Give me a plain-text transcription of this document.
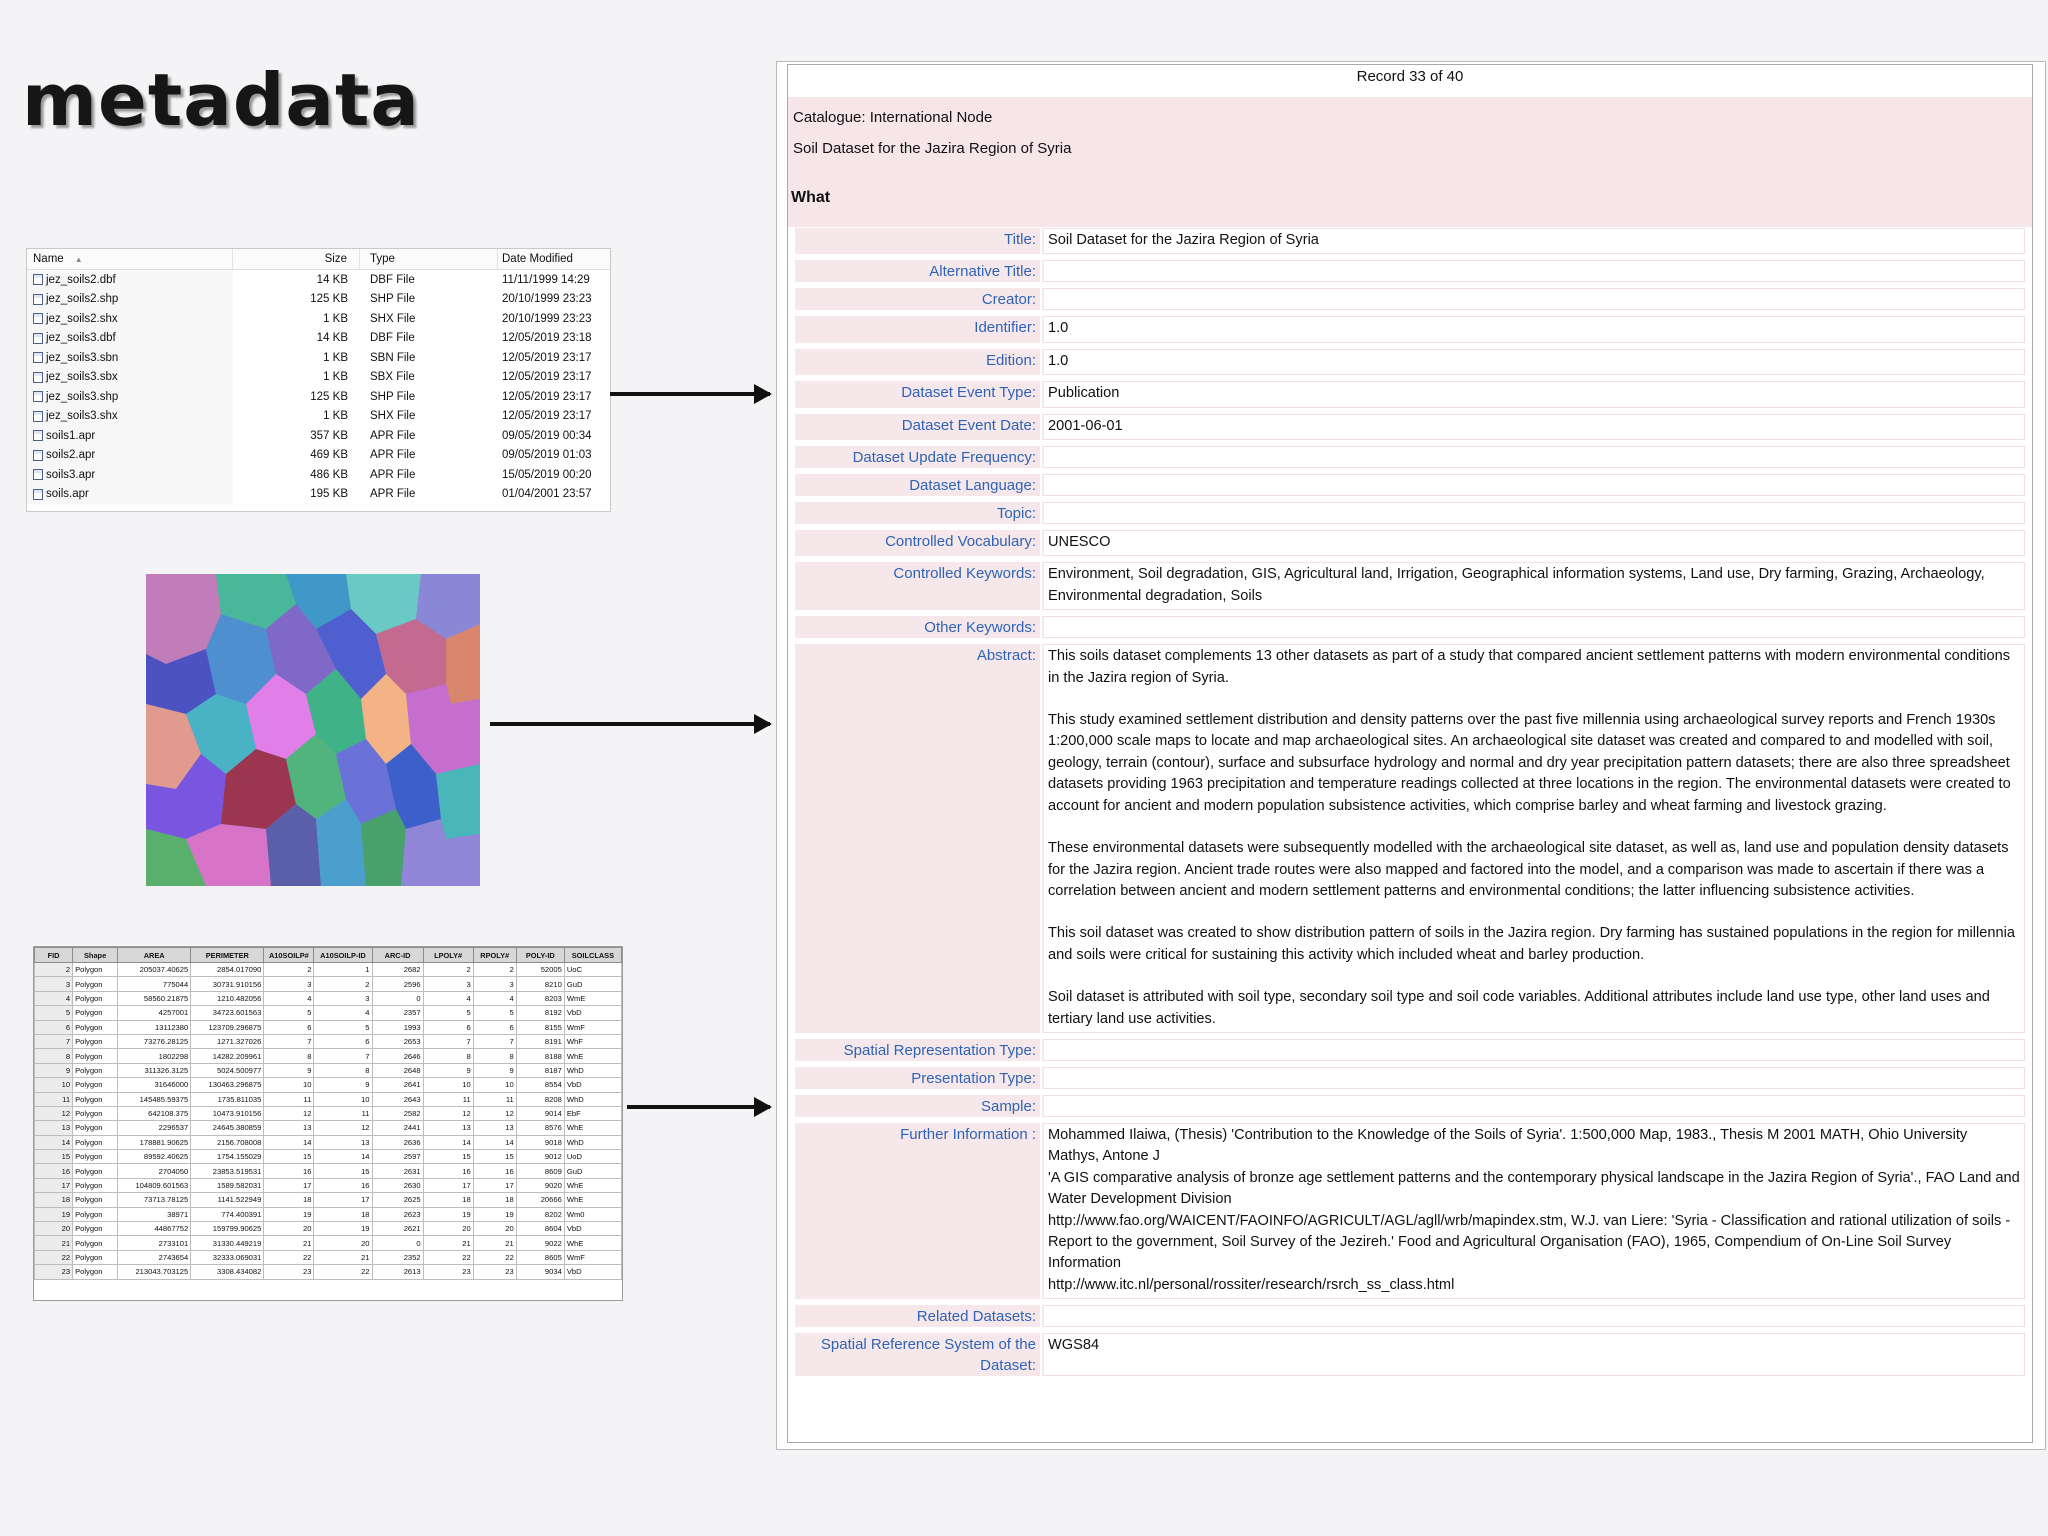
metadata
Name ▲	Size	Type	Date Modified
jez_soils2.dbf	14 KB	DBF File	11/11/1999 14:29
jez_soils2.shp	125 KB	SHP File	20/10/1999 23:23
jez_soils2.shx	1 KB	SHX File	20/10/1999 23:23
jez_soils3.dbf	14 KB	DBF File	12/05/2019 23:18
jez_soils3.sbn	1 KB	SBN File	12/05/2019 23:17
jez_soils3.sbx	1 KB	SBX File	12/05/2019 23:17
jez_soils3.shp	125 KB	SHP File	12/05/2019 23:17
jez_soils3.shx	1 KB	SHX File	12/05/2019 23:17
soils1.apr	357 KB	APR File	09/05/2019 00:34
soils2.apr	469 KB	APR File	09/05/2019 01:03
soils3.apr	486 KB	APR File	15/05/2019 00:20
soils.apr	195 KB	APR File	01/04/2001 23:57
FID	Shape	AREA	PERIMETER	A10SOILP#	A10SOILP-ID	ARC-ID	LPOLY#	RPOLY#	POLY-ID	SOILCLASS
2	Polygon	205037.40625	2854.017090	2	1	2682	2	2	52005	UoC
3	Polygon	775044	30731.910156	3	2	2596	3	3	8210	GuD
4	Polygon	58560.21875	1210.482056	4	3	0	4	4	8203	WmE
5	Polygon	4257001	34723.601563	5	4	2357	5	5	8192	VbD
6	Polygon	13112380	123709.296875	6	5	1993	6	6	8155	WmF
7	Polygon	73276.28125	1271.327026	7	6	2653	7	7	8191	WhF
8	Polygon	1802298	14282.209961	8	7	2646	8	8	8188	WhE
9	Polygon	311326.3125	5024.500977	9	8	2648	9	9	8187	WhD
10	Polygon	31646000	130463.296875	10	9	2641	10	10	8554	VbD
11	Polygon	145485.59375	1735.811035	11	10	2643	11	11	8208	WhD
12	Polygon	642108.375	10473.910156	12	11	2582	12	12	9014	EbF
13	Polygon	2296537	24645.380859	13	12	2441	13	13	8576	WhE
14	Polygon	178881.90625	2156.708008	14	13	2636	14	14	9018	WhD
15	Polygon	89592.40625	1754.155029	15	14	2597	15	15	9012	UoD
16	Polygon	2704050	23853.519531	16	15	2631	16	16	8609	GuD
17	Polygon	104809.601563	1589.582031	17	16	2630	17	17	9020	WhE
18	Polygon	73713.78125	1141.522949	18	17	2625	18	18	20666	WhE
19	Polygon	38971	774.400391	19	18	2623	19	19	8202	Wm0
20	Polygon	44867752	159799.90625	20	19	2621	20	20	8604	VbD
21	Polygon	2733101	31330.449219	21	20	0	21	21	9022	WhE
22	Polygon	2743654	32333.069031	22	21	2352	22	22	8605	WmF
23	Polygon	213043.703125	3308.434082	23	22	2613	23	23	9034	VbD
Record 33 of 40
Catalogue: International Node
Soil Dataset for the Jazira Region of Syria
What
Title: Soil Dataset for the Jazira Region of Syria
Alternative Title:
Creator:
Identifier: 1.0
Edition: 1.0
Dataset Event Type: Publication
Dataset Event Date: 2001-06-01
Dataset Update Frequency:
Dataset Language:
Topic:
Controlled Vocabulary: UNESCO
Controlled Keywords: Environment, Soil degradation, GIS, Agricultural land, Irrigation, Geographical information systems, Land use, Dry farming, Grazing, Archaeology, Environmental degradation, Soils
Other Keywords:
Abstract: This soils dataset complements 13 other datasets as part of a study that compared ancient settlement patterns with modern environmental conditions in the Jazira region of Syria.

This study examined settlement distribution and density patterns over the past five millennia using archaeological survey reports and French 1930s 1:200,000 scale maps to locate and map archaeological sites. An archaeological site dataset was created and compared to and modelled with soil, geology, terrain (contour), surface and subsurface hydrology and normal and dry year precipitation pattern datasets; there are also three spreadsheet datasets providing 1963 precipitation and temperature readings collected at three locations in the region. The environmental datasets were created to account for ancient and modern population subsistence activities, which comprise barley and wheat farming and livestock grazing.

These environmental datasets were subsequently modelled with the archaeological site dataset, as well as, land use and population density datasets for the Jazira region. Ancient trade routes were also mapped and factored into the model, and a comparison was made to ascertain if there was a correlation between ancient and modern settlement patterns and environmental conditions; the latter influencing subsistence activities.

This soil dataset was created to show distribution pattern of soils in the Jazira region. Dry farming has sustained populations in the region for millennia and soils were critical for sustaining this activity which included wheat and barley production.

Soil dataset is attributed with soil type, secondary soil type and soil code variables. Additional attributes include land use type, other land uses and tertiary land use activities.

Spatial Representation Type:
Presentation Type:
Sample:
Further Information : Mohammed Ilaiwa, (Thesis) 'Contribution to the Knowledge of the Soils of Syria'. 1:500,000 Map, 1983., Thesis M 2001 MATH, Ohio University

Mathys, Antone J

'A GIS comparative analysis of bronze age settlement patterns and the contemporary physical landscape in the Jazira Region of Syria'., FAO Land and Water Development Division

http://www.fao.org/WAICENT/FAOINFO/AGRICULT/AGL/agll/wrb/mapindex.stm, W.J. van Liere: 'Syria - Classification and rational utilization of soils - Report to the government, Soil Survey of the Jezireh.' Food and Agricultural Organisation (FAO), 1965, Compendium of On-Line Soil Survey Information

http://www.itc.nl/personal/rossiter/research/rsrch_ss_class.html

Related Datasets:
Spatial Reference System of the Dataset:
WGS84
